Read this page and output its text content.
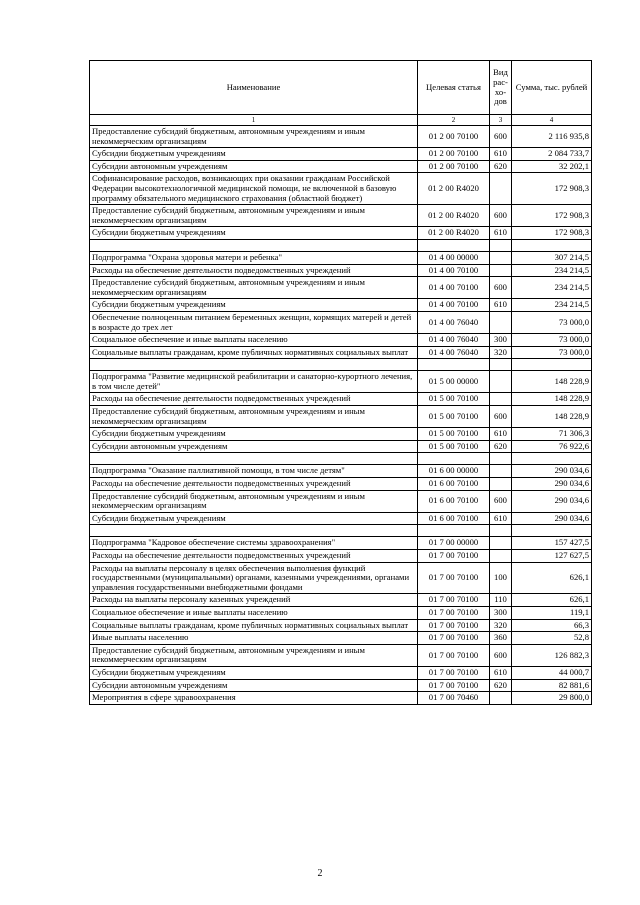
Наименование	Целевая статья	Вид рас-хо-дов	Сумма, тыс. рублей
1	2	3	4
Предоставление субсидий бюджетным, автономным учреждениям и иным некоммерческим организациям	01 2 00 70100	600	2 116 935,8
Субсидии бюджетным учреждениям	01 2 00 70100	610	2 084 733,7
Субсидии автономным учреждениям	01 2 00 70100	620	32 202,1
Софинансирование расходов, возникающих при оказании гражданам Российской Федерации высокотехнологичной медицинской помощи, не включенной в базовую программу обязательного медицинского страхования (областной бюджет)	01 2 00 R4020		172 908,3
Предоставление субсидий бюджетным, автономным учреждениям и иным некоммерческим организациям	01 2 00 R4020	600	172 908,3
Субсидии бюджетным учреждениям	01 2 00 R4020	610	172 908,3

Подпрограмма "Охрана здоровья матери и ребенка"	01 4 00 00000		307 214,5
Расходы на обеспечение деятельности подведомственных учреждений	01 4 00 70100		234 214,5
Предоставление субсидий бюджетным, автономным учреждениям и иным некоммерческим организациям	01 4 00 70100	600	234 214,5
Субсидии бюджетным учреждениям	01 4 00 70100	610	234 214,5
Обеспечение полноценным питанием беременных женщин, кормящих матерей и детей в возрасте до трех лет	01 4 00 76040		73 000,0
Социальное обеспечение и иные выплаты населению	01 4 00 76040	300	73 000,0
Социальные выплаты гражданам, кроме публичных нормативных социальных выплат	01 4 00 76040	320	73 000,0

Подпрограмма "Развитие медицинской реабилитации и санаторно-курортного лечения, в том числе детей"	01 5 00 00000		148 228,9
Расходы на обеспечение деятельности подведомственных учреждений	01 5 00 70100		148 228,9
Предоставление субсидий бюджетным, автономным учреждениям и иным некоммерческим организациям	01 5 00 70100	600	148 228,9
Субсидии бюджетным учреждениям	01 5 00 70100	610	71 306,3
Субсидии автономным учреждениям	01 5 00 70100	620	76 922,6

Подпрограмма "Оказание паллиативной помощи, в том числе детям"	01 6 00 00000		290 034,6
Расходы на обеспечение деятельности подведомственных учреждений	01 6 00 70100		290 034,6
Предоставление субсидий бюджетным, автономным учреждениям и иным некоммерческим организациям	01 6 00 70100	600	290 034,6
Субсидии бюджетным учреждениям	01 6 00 70100	610	290 034,6

Подпрограмма "Кадровое обеспечение системы здравоохранения"	01 7 00 00000		157 427,5
Расходы на обеспечение деятельности подведомственных учреждений	01 7 00 70100		127 627,5
Расходы на выплаты персоналу в целях обеспечения выполнения функций государственными (муниципальными) органами, казенными учреждениями, органами управления государственными внебюджетными фондами	01 7 00 70100	100	626,1
Расходы на выплаты персоналу казенных учреждений	01 7 00 70100	110	626,1
Социальное обеспечение и иные выплаты населению	01 7 00 70100	300	119,1
Социальные выплаты гражданам, кроме публичных нормативных социальных выплат	01 7 00 70100	320	66,3
Иные выплаты населению	01 7 00 70100	360	52,8
Предоставление субсидий бюджетным, автономным учреждениям и иным некоммерческим организациям	01 7 00 70100	600	126 882,3
Субсидии бюджетным учреждениям	01 7 00 70100	610	44 000,7
Субсидии автономным учреждениям	01 7 00 70100	620	82 881,6
Мероприятия в сфере здравоохранения	01 7 00 70460		29 800,0
2
